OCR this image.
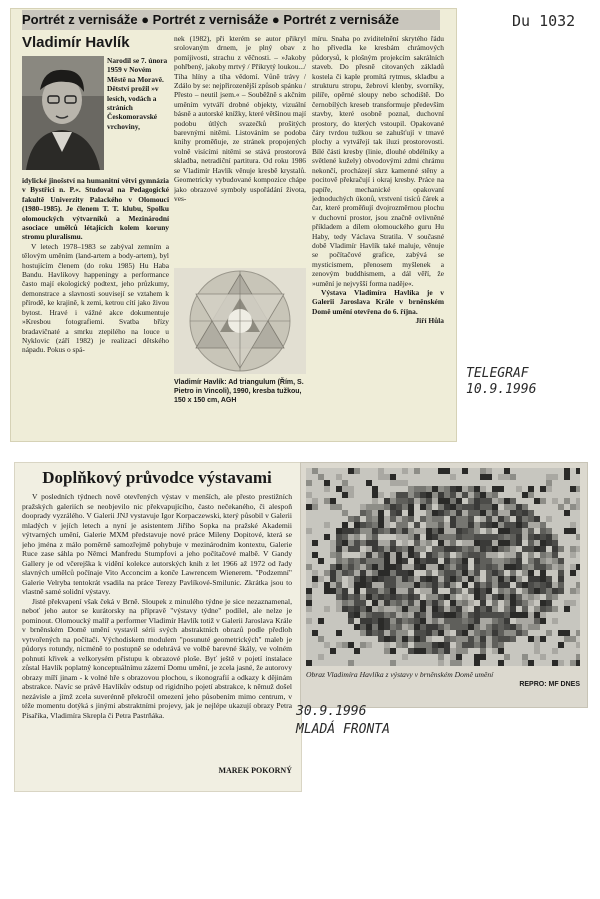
Du 1032
Portrét z vernisáže ● Portrét z vernisáže ● Portrét z vernisáže
Vladimír Havlík
Narodil se 7. února 1959 v Novém Městě na Moravě. Dětství prožil »v lesích, vodách a stráních Českomoravské vrchoviny,

idylické jinošství na humanitní větvi gymnázia v Bystřici n. P.«. Studoval na Pedagogické fakultě Univerzity Palackého v Olomouci (1980–1985). Je členem T. T. klubu, Spolku olomouckých výtvarníků a Mezinárodní asociace umělců létajících kolem koruny stromu pluralismu.

V letech 1978–1983 se zabýval zemním a tělovým uměním (land-artem a body-artem), byl hostujícím členem (do roku 1985) Hu Haba Bandu. Havlíkovy happeningy a performance často mají ekologický podtext, jeho průzkumy, demonstrace a slavnosti souvisejí se vztahem k přírodě, ke krajině, k zemi, ketrou cítí jako živou bytost. Hravé i vážné akce dokumentuje »Kresbou fotografiemi. Svatba břízy bradavičnaté a smrku ztepilého na louce u Nyklovic (září 1982) je realizací dětského nápadu. Pokus o spá-

nek (1982), při kterém se autor přikryl srolovaným drnem, je plný obav z pomíjivosti, strachu z věčnosti. – »Jakoby pohřbený, jakoby mrtvý / Přikrytý loukou.../ Tíha hlíny a tíha vědomí. Vůně trávy / Zdálo by se: nejpřirozenější způsob spánku / Přesto – neutil jsem.« – Souběžně s akčním uměním vytváří drobné objekty, vizuální básně a autorské knížky, které většinou mají podobu útlých svazečků prošitých barevnými nitěmi. Listováním se podoba knihy proměňuje, ze stránek propojených volně visícími nitěmi se stává prostorová skladba, netradiční partitura. Od roku 1986 se Vladimír Havlík věnuje kresbě krystalů. Geometricky vybudované kompozice chápe jako obrazové symboly uspořádání života, ves-

Vladimír Havlík: Ad triangulum (Řím, S. Pietro in Vincoli), 1990, kresba tužkou, 150 x 150 cm, AGH

míru. Snaha po zviditelnění skrytého řádu ho přivedla ke kresbám chrámových půdorysů, k plošným projekcím sakrálních staveb. Do přesně citovaných základů kostela či kaple promítá rytmus, skladbu a strukturu stropu, žebroví klenby, svorníky, pilíře, opěrné sloupy nebo schodiště. Do černobílých kreseb transformuje především stavby, které osobně poznal, duchovní prostory, do kterých vstoupil. Opakované čáry tvrdou tužkou se zahušťují v tmavé plochy a vytvářejí tak iluzi prostorovosti. Bílé části kresby (linie, dlouhé obdélníky a světlené kužely) obvodovými zdmi chrámu nekončí, procházejí skrz kamenné stěny a pocitově překračují i okraj kresby. Práce na papíře, mechanické opakovaní jednoduchých úkonů, vrstvení tisíců čárek a čar, které proměňují dvojrozměrnou plochu v duchovní prostor, jsou značně ovlivněné příkladem a dílem olomouckého guru Hu Haby, tedy Václava Stratila. V současné době Vladimír Havlík také maluje, věnuje se počítačové grafice, zabývá se mysticismem, přenosem myšlenek a zenovým buddhismem, a dál věří, že »umění je nejvyšší forma naděje«.

Výstava Vladimíra Havlíka je v Galerii Jaroslava Krále v brněnském Domě umění otevřena do 6. října.

Jiří Hůla
TELEGRAF
10.9.1996
Doplňkový průvodce výstavami

V posledních týdnech nově otevřených výstav v menších, ale přesto prestižních pražských galeriích se neobjevilo nic překvapujícího, často nečekaného, či alespoň dooprady vyzrálého. V Galerii JNJ vystavuje Igor Korpaczewski, který působil v Galerii mladých v jejích letech a nyní je asistentem Jiřího Sopka na pražské Akademii výtvarných umění, Galerie MXM představuje nové práce Mileny Dopitové, která se jeho jména z málo poměrně samozřejmě pohybuje v mezinárodním kontextu, Galerie Ruce zase sáhla po Němci Manfredu Stumpfovi a jeho počítačové malbě. V Gandy Gallery je od včerejška k vidění kolekce autorských knih z let 1966 až 1972 od řady slavných umělců počínaje Vito Acconcim a konče Lawrencem Wienerem. "Podzemní" Galerie Velryba tentokrát vsadila na práce Terezy Pavlíkové-Smilunic. Zkrátka jsou to vlastně samé solidní výstavy.

Jisté překvapení však čeká v Brně. Sloupek z minulého týdne je sice nezaznamenal, neboť jeho autor se kurátorsky na přípravě "výstavy týdne" podílel, ale nelze je pominout. Olomoucký malíř a performer Vladimír Havlík totiž v Galerii Jaroslava Krále v brněnském Domě umění vystavil sérii svých abstraktních obrazů podle předloh vytvořených na počítači. Východiskem modulem "posunuté geometrických" maleb je půdorys rotundy, nicméně to postupně se odehrává ve volbě barevné škály, ve volném pohnutí křivek a velkorysém přístupu k obrazové ploše. Byť ještě v pojetí instalace zůstal Havlík poplatný konceptuálnímu zázemí Domu umění, je zcela jasné, že autorovy obrazy míří jinam - k volné hře s obrazovou plochou, s ikonografií a odkazy k dějinám abstrakce. Navíc se právě Havlíkův odstup od rigidního pojetí abstrakce, k němuž došel nezávisle a jímž zcela suverénně překročil omezení jeho působením mimo centrum, v téže momentu dotýká s jinými abstraktními projevy, jak je nejlépe ukazují obrazy Petra Písaříka, Vladimíra Skrepla či Petra Pastrňáka.

MAREK POKORNÝ
Obraz Vladimíra Havlíka z výstavy v brněnském Domě umění
REPRO: MF DNES
30.9.1996
MLADÁ FRONTA
